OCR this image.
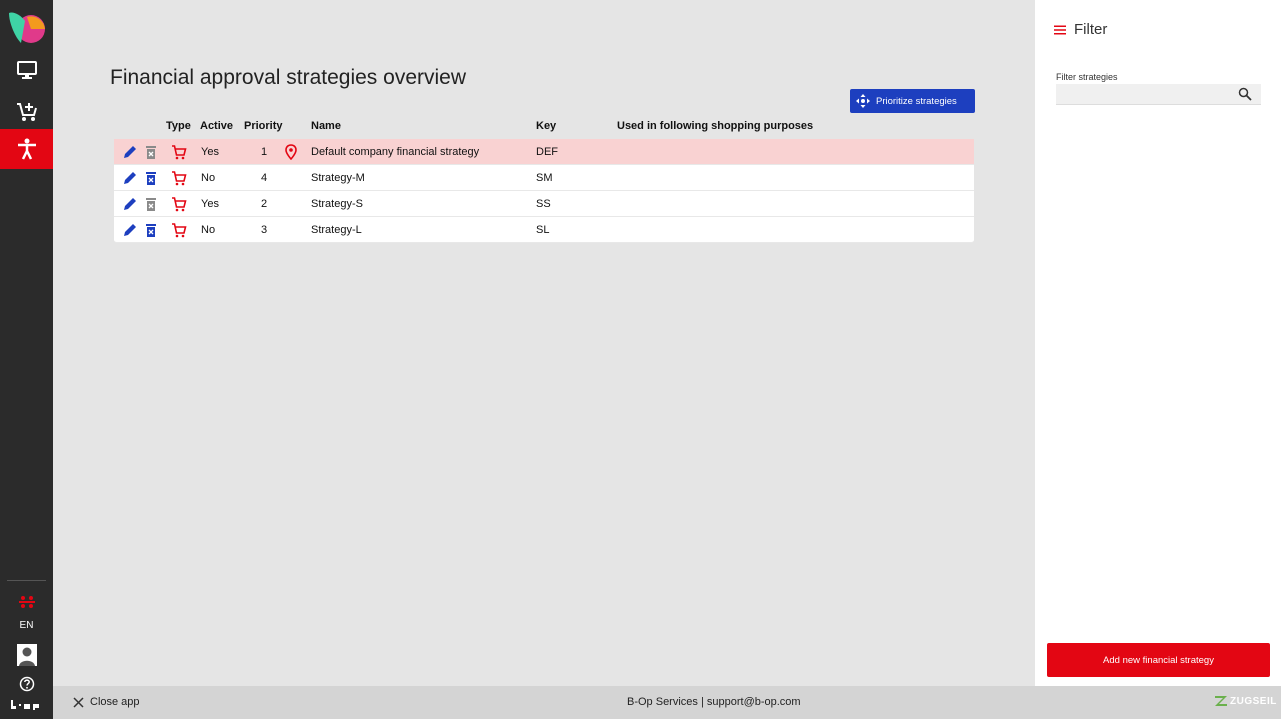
EN
Financial approval strategies overview
Prioritize strategies
Type Active Priority	Name	Key	Used in following shopping purposes
Yes	1	Default company financial strategy	DEF
No	4	Strategy-M	SM
Yes	2	Strategy-S	SS
No	3	Strategy-L	SL
Filter
Filter strategies
Add new financial strategy
Close app	B-Op Services | support@b-op.com	ZUGSEIL
